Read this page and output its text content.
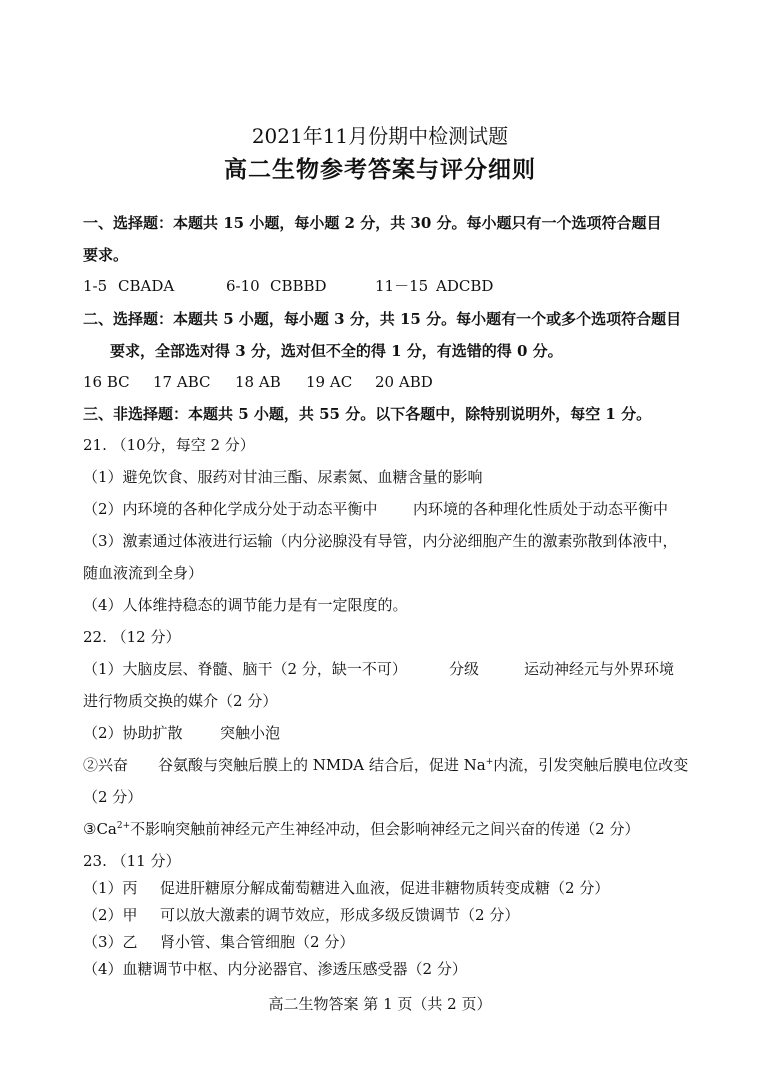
2021年11月份期中检测试题
高二生物参考答案与评分细则
一、选择题：本题共 15 小题，每小题 2 分，共 30 分。每小题只有一个选项符合题目
要求。
1-5 CBADA	6-10 CBBBD	11－15 ADCBD
二、选择题：本题共 5 小题，每小题 3 分，共 15 分。每小题有一个或多个选项符合题目
要求，全部选对得 3 分，选对但不全的得 1 分，有选错的得 0 分。
16 BC 17 ABC 18 AB 19 AC 20 ABD
三、非选择题：本题共 5 小题，共 55 分。以下各题中，除特别说明外，每空 1 分。
21. （10分，每空 2 分）
（1）避免饮食、服药对甘油三酯、尿素氮、血糖含量的影响
（2）内环境的各种化学成分处于动态平衡中 内环境的各种理化性质处于动态平衡中
（3）激素通过体液进行运输（内分泌腺没有导管，内分泌细胞产生的激素弥散到体液中，
随血液流到全身）
（4）人体维持稳态的调节能力是有一定限度的。
22. （12 分）
（1）大脑皮层、脊髓、脑干（2 分，缺一不可）	分级	运动神经元与外界环境
进行物质交换的媒介（2 分）
（2）协助扩散 突触小泡
②兴奋 谷氨酸与突触后膜上的 NMDA 结合后，促进 Na+内流，引发突触后膜电位改变
（2 分）
$③Ca^{2+}$不影响突触前神经元产生神经冲动，但会影响神经元之间兴奋的传递（2 分）
23. （11 分）
（1）丙 促进肝糖原分解成葡萄糖进入血液，促进非糖物质转变成糖（2 分）
（2）甲 可以放大激素的调节效应，形成多级反馈调节（2 分）
（3）乙 肾小管、集合管细胞（2 分）
（4）血糖调节中枢、内分泌器官、渗透压感受器（2 分）
高二生物答案 第 1 页（共 2 页）
